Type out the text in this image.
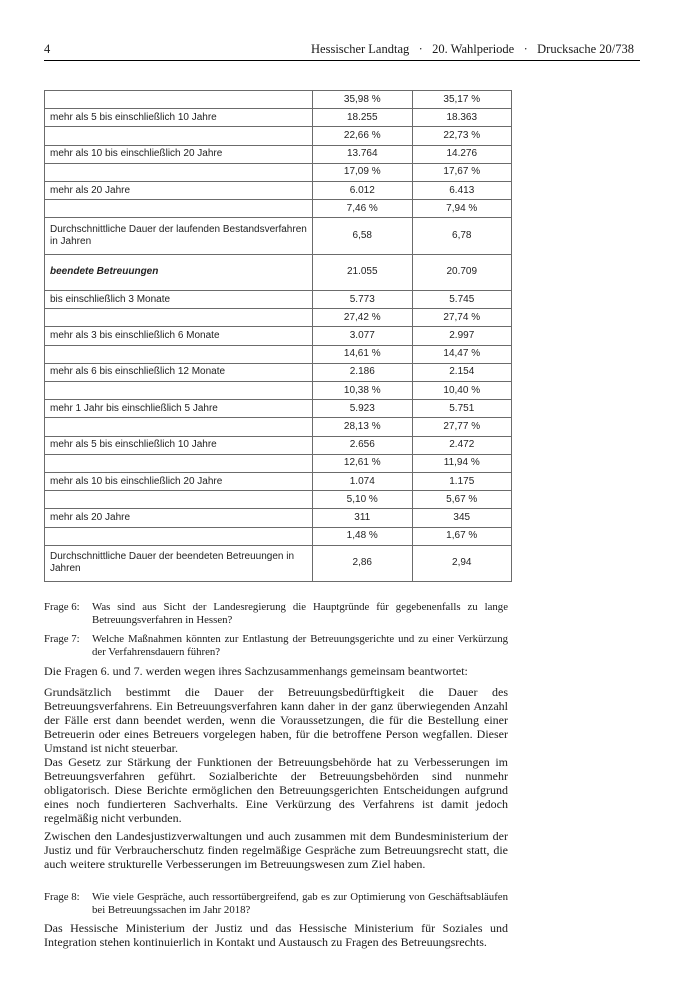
4	Hessischer Landtag   ·   20. Wahlperiode   ·   Drucksache 20/738
	35,98 %	35,17 %
mehr als 5 bis einschließlich 10 Jahre	18.255	18.363
	22,66 %	22,73 %
mehr als 10 bis einschließlich 20 Jahre	13.764	14.276
	17,09 %	17,67 %
mehr als 20 Jahre	6.012	6.413
	7,46 %	7,94 %
Durchschnittliche Dauer der laufenden Bestandsverfahren in Jahren	6,58	6,78
beendete Betreuungen	21.055	20.709
bis einschließlich 3 Monate	5.773	5.745
	27,42 %	27,74 %
mehr als 3 bis einschließlich 6 Monate	3.077	2.997
	14,61 %	14,47 %
mehr als 6 bis einschließlich 12 Monate	2.186	2.154
	10,38 %	10,40 %
mehr 1 Jahr bis einschließlich 5 Jahre	5.923	5.751
	28,13 %	27,77 %
mehr als 5 bis einschließlich 10 Jahre	2.656	2.472
	12,61 %	11,94 %
mehr als 10 bis einschließlich 20 Jahre	1.074	1.175
	5,10 %	5,67 %
mehr als 20 Jahre	311	345
	1,48 %	1,67 %
Durchschnittliche Dauer der beendeten Betreuungen in Jahren	2,86	2,94
Frage 6: Was sind aus Sicht der Landesregierung die Hauptgründe für gegebenenfalls zu lange Betreuungsverfahren in Hessen?
Frage 7: Welche Maßnahmen könnten zur Entlastung der Betreuungsgerichte und zu einer Verkürzung der Verfahrensdauern führen?

Die Fragen 6. und 7. werden wegen ihres Sachzusammenhangs gemeinsam beantwortet:

Grundsätzlich bestimmt die Dauer der Betreuungsbedürftigkeit die Dauer des Betreuungsverfahrens. Ein Betreuungsverfahren kann daher in der ganz überwiegenden Anzahl der Fälle erst dann beendet werden, wenn die Voraussetzungen, die für die Bestellung einer Betreuerin oder eines Betreuers vorgelegen haben, für die betroffene Person wegfallen. Dieser Umstand ist nicht steuerbar.

Das Gesetz zur Stärkung der Funktionen der Betreuungsbehörde hat zu Verbesserungen im Betreuungsverfahren geführt. Sozialberichte der Betreuungsbehörden sind nunmehr obligatorisch. Diese Berichte ermöglichen den Betreuungsgerichten Entscheidungen aufgrund eines noch fundierteren Sachverhalts. Eine Verkürzung des Verfahrens ist damit jedoch regelmäßig nicht verbunden.

Zwischen den Landesjustizverwaltungen und auch zusammen mit dem Bundesministerium der Justiz und für Verbraucherschutz finden regelmäßige Gespräche zum Betreuungsrecht statt, die auch weitere strukturelle Verbesserungen im Betreuungswesen zum Ziel haben.

Frage 8: Wie viele Gespräche, auch ressortübergreifend, gab es zur Optimierung von Geschäftsabläufen bei Betreuungssachen im Jahr 2018?

Das Hessische Ministerium der Justiz und das Hessische Ministerium für Soziales und Integration stehen kontinuierlich in Kontakt und Austausch zu Fragen des Betreuungsrechts.
